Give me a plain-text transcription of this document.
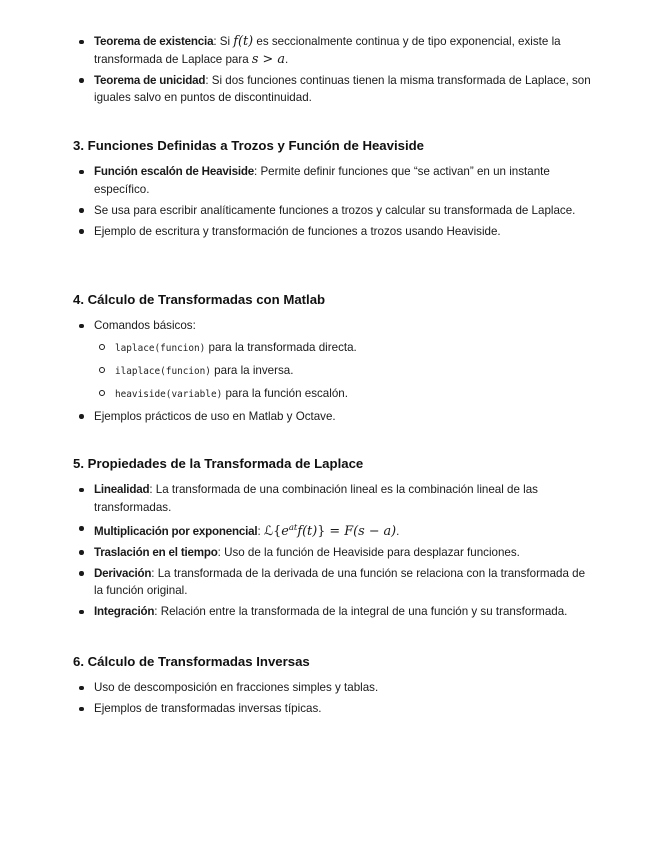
Teorema de existencia: Si f(t) es seccionalmente continua y de tipo exponencial, existe la transformada de Laplace para s > a.
Teorema de unicidad: Si dos funciones continuas tienen la misma transformada de Laplace, son iguales salvo en puntos de discontinuidad.
3. Funciones Definidas a Trozos y Función de Heaviside
Función escalón de Heaviside: Permite definir funciones que “se activan” en un instante específico.
Se usa para escribir analíticamente funciones a trozos y calcular su transformada de Laplace.
Ejemplo de escritura y transformación de funciones a trozos usando Heaviside.
4. Cálculo de Transformadas con Matlab
Comandos básicos:
laplace(funcion) para la transformada directa.
ilaplace(funcion) para la inversa.
heaviside(variable) para la función escalón.
Ejemplos prácticos de uso en Matlab y Octave.
5. Propiedades de la Transformada de Laplace
Linealidad: La transformada de una combinación lineal es la combinación lineal de las transformadas.
Multiplicación por exponencial: $ℒ\{e^{at}f(t)\} = F(s - a)$.
Traslación en el tiempo: Uso de la función de Heaviside para desplazar funciones.
Derivación: La transformada de la derivada de una función se relaciona con la transformada de la función original.
Integración: Relación entre la transformada de la integral de una función y su transformada.
6. Cálculo de Transformadas Inversas
Uso de descomposición en fracciones simples y tablas.
Ejemplos de transformadas inversas típicas.
